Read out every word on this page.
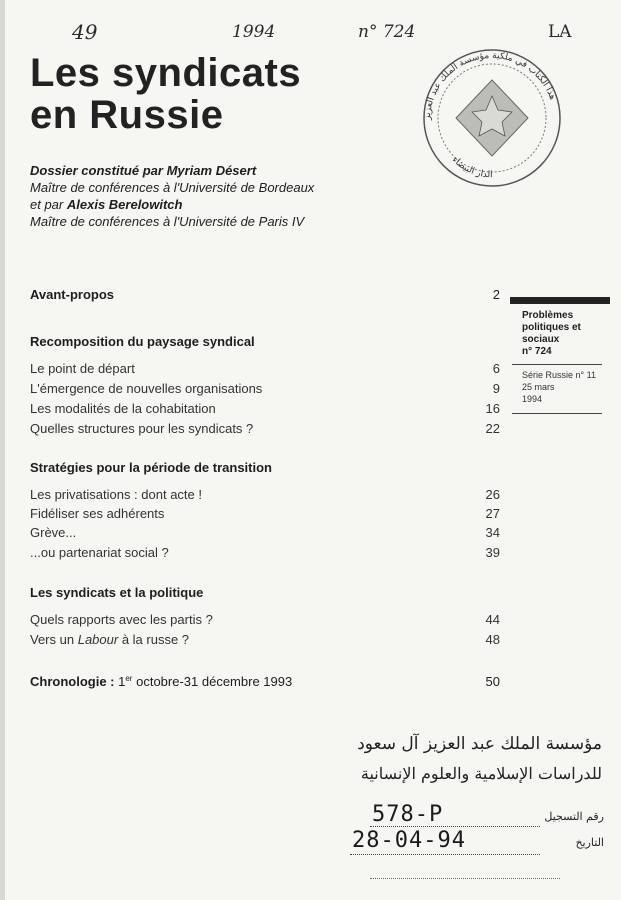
49	1994	n° 724	LA
Les syndicats
en Russie	هذا الكتاب في ملكية مؤسسة الملك عبد العزيز
الدار البيضاء
Dossier constitué par Myriam Désert
Maître de conférences à l'Université de Bordeaux
et par Alexis Berelowitch
Maître de conférences à l'Université de Paris IV
Avant-propos	2
Recomposition du paysage syndical
Le point de départ	6
L'émergence de nouvelles organisations	9
Les modalités de la cohabitation	16
Quelles structures pour les syndicats ?	22
Stratégies pour la période de transition
Les privatisations : dont acte !	26
Fidéliser ses adhérents	27
Grève...	34
...ou partenariat social ?	39
Les syndicats et la politique
Quels rapports avec les partis ?	44
Vers un Labour à la russe ?	48
Chronologie : 1er octobre-31 décembre 1993	50
Problèmes
politiques et
sociaux
n° 724
Série Russie n° 11
25 mars
1994
مؤسسة الملك عبد العزيز آل سعود
للدراسات الإسلامية والعلوم الإنسانية
رقم التسجيل
578-P
التاريخ
28-04-94
